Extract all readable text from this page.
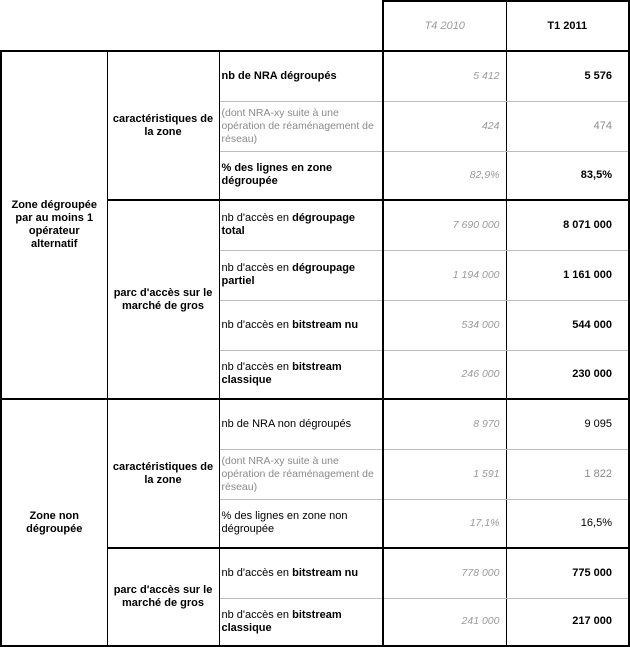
			T4 2010	T1 2011
Zone dégroupée par au moins 1 opérateur alternatif	caractéristiques de la zone	nb de NRA dégroupés	5 412	5 576
		(dont NRA-xy suite à une opération de réaménagement de réseau)	424	474
		% des lignes en zone dégroupée	82,9%	83,5%
	parc d'accès sur le marché de gros	nb d'accès en dégroupage total	7 690 000	8 071 000
		nb d'accès en dégroupage partiel	1 194 000	1 161 000
		nb d'accès en bitstream nu	534 000	544 000
		nb d'accès en bitstream classique	246 000	230 000
Zone non dégroupée	caractéristiques de la zone	nb de NRA non dégroupés	8 970	9 095
		(dont NRA-xy suite à une opération de réaménagement de réseau)	1 591	1 822
		% des lignes en zone non dégroupée	17,1%	16,5%
	parc d'accès sur le marché de gros	nb d'accès en bitstream nu	778 000	775 000
		nb d'accès en bitstream classique	241 000	217 000
